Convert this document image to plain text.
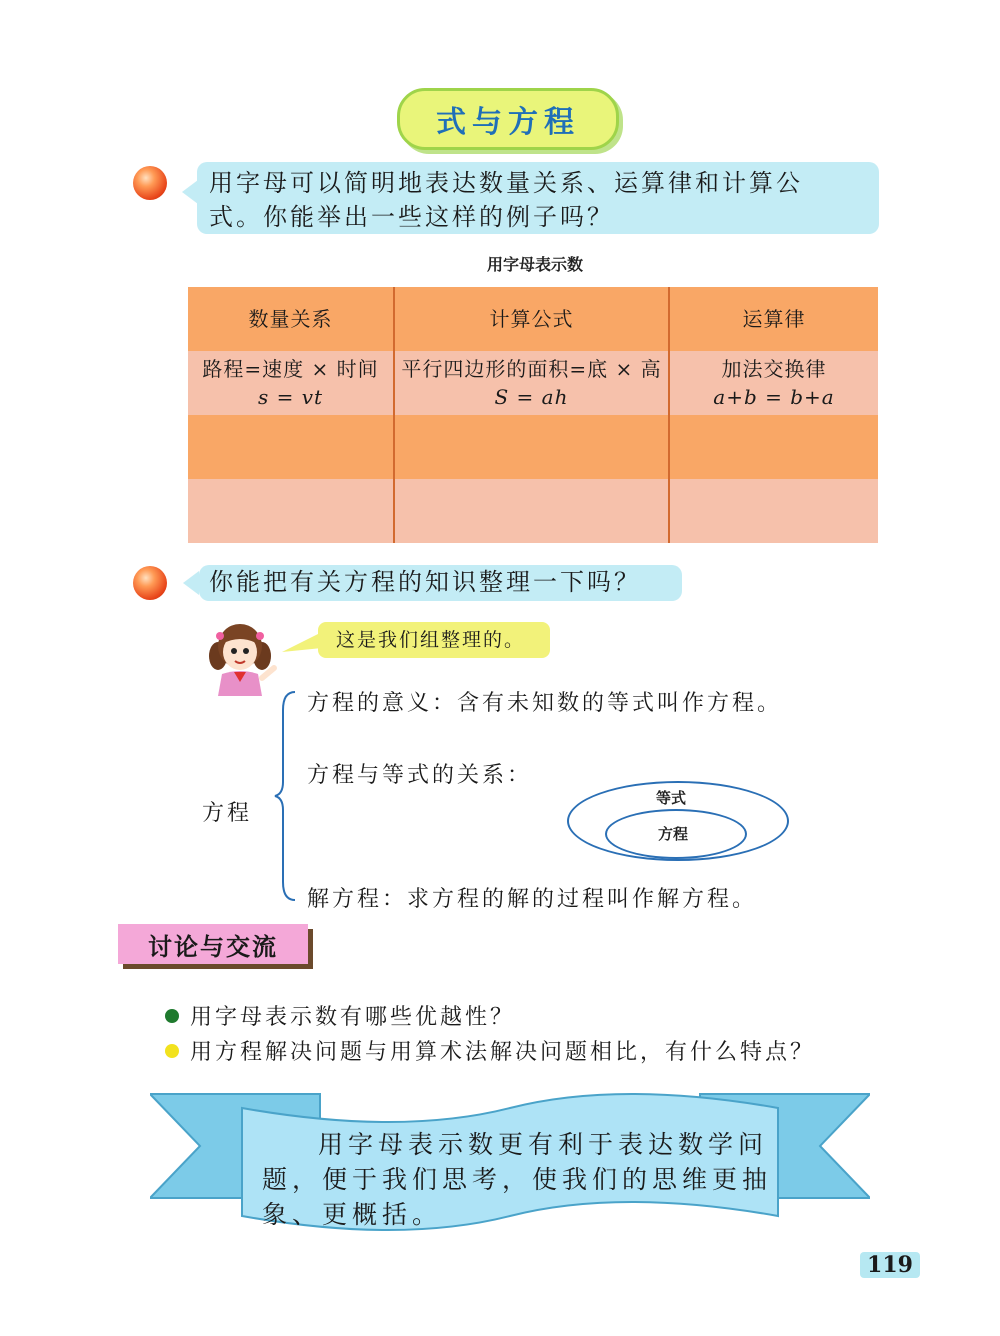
式与方程
用字母可以简明地表达数量关系、运算律和计算公
式。你能举出一些这样的例子吗？
用字母表示数
数量关系	计算公式	运算律
路程=速度 × 时间
s = vt
平行四边形的面积=底 × 高
S = ah
加法交换律
a+b = b+a
你能把有关方程的知识整理一下吗？
这是我们组整理的。
方程
方程的意义：含有未知数的等式叫作方程。
方程与等式的关系：
等式
方程
解方程：求方程的解的过程叫作解方程。
讨论与交流
用字母表示数有哪些优越性？
用方程解决问题与用算术法解决问题相比，有什么特点？
用字母表示数更有利于表达数学问
题，便于我们思考，使我们的思维更抽
象、更概括。
119
